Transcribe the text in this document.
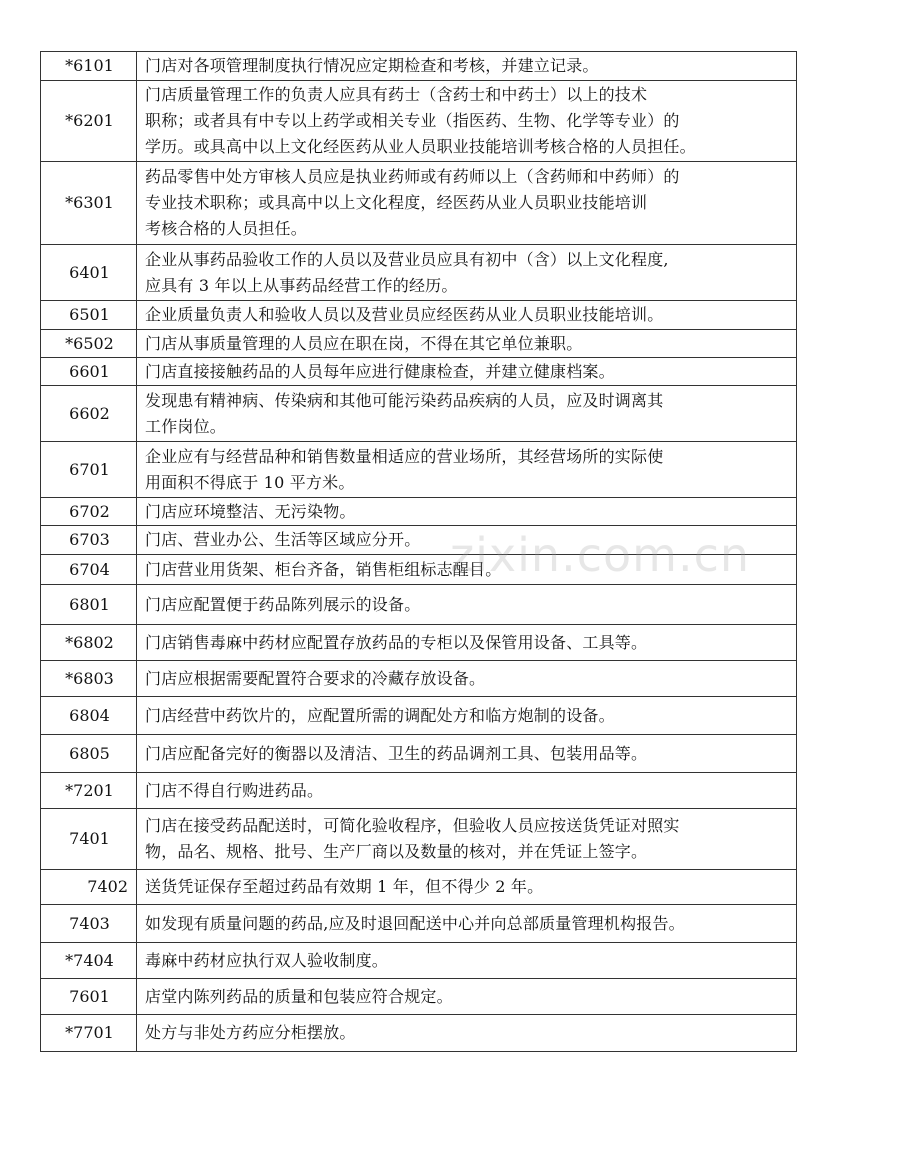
*6101	门店对各项管理制度执行情况应定期检查和考核，并建立记录。
*6201	门店质量管理工作的负责人应具有药士（含药士和中药士）以上的技术
职称；或者具有中专以上药学或相关专业（指医药、生物、化学等专业）的
学历。或具高中以上文化经医药从业人员职业技能培训考核合格的人员担任。
*6301	药品零售中处方审核人员应是执业药师或有药师以上（含药师和中药师）的
专业技术职称；或具高中以上文化程度，经医药从业人员职业技能培训
考核合格的人员担任。
6401	企业从事药品验收工作的人员以及营业员应具有初中（含）以上文化程度,
应具有 3 年以上从事药品经营工作的经历。
6501	企业质量负责人和验收人员以及营业员应经医药从业人员职业技能培训。
*6502	门店从事质量管理的人员应在职在岗，不得在其它单位兼职。
6601	门店直接接触药品的人员每年应进行健康检查，并建立健康档案。
6602	发现患有精神病、传染病和其他可能污染药品疾病的人员，应及时调离其
工作岗位。
6701	企业应有与经营品种和销售数量相适应的营业场所，其经营场所的实际使
用面积不得底于 10 平方米。
6702	门店应环境整洁、无污染物。
6703	门店、营业办公、生活等区域应分开。
6704	门店营业用货架、柜台齐备，销售柜组标志醒目。
6801	门店应配置便于药品陈列展示的设备。
*6802	门店销售毒麻中药材应配置存放药品的专柜以及保管用设备、工具等。
*6803	门店应根据需要配置符合要求的冷藏存放设备。
6804	门店经营中药饮片的，应配置所需的调配处方和临方炮制的设备。
6805	门店应配备完好的衡器以及清洁、卫生的药品调剂工具、包装用品等。
*7201	门店不得自行购进药品。
7401	门店在接受药品配送时，可简化验收程序，但验收人员应按送货凭证对照实
物，品名、规格、批号、生产厂商以及数量的核对，并在凭证上签字。
7402	送货凭证保存至超过药品有效期 1 年，但不得少 2 年。
7403	如发现有质量问题的药品,应及时退回配送中心并向总部质量管理机构报告。
*7404	毒麻中药材应执行双人验收制度。
7601	店堂内陈列药品的质量和包装应符合规定。
*7701	处方与非处方药应分柜摆放。
zixin.com.cn
